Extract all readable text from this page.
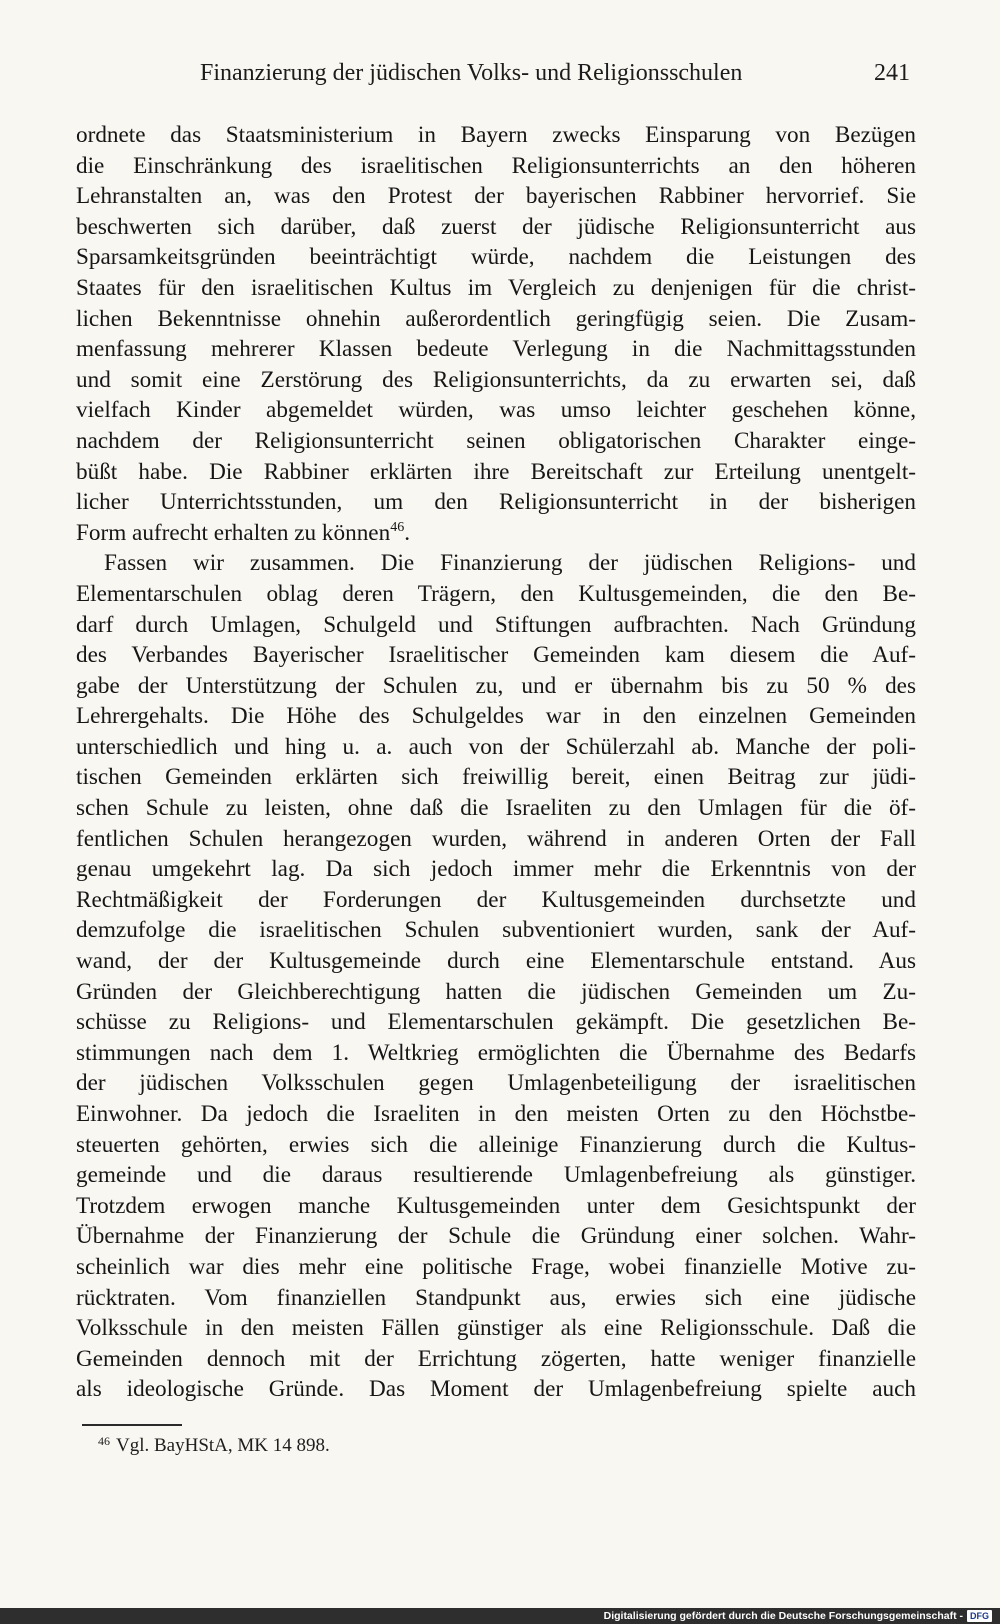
Finanzierung der jüdischen Volks- und Religionsschulen	241
ordnete das Staatsministerium in Bayern zwecks Einsparung von Bezügen
die Einschränkung des israelitischen Religionsunterrichts an den höheren
Lehranstalten an, was den Protest der bayerischen Rabbiner hervorrief. Sie
beschwerten sich darüber, daß zuerst der jüdische Religionsunterricht aus
Sparsamkeitsgründen beeinträchtigt würde, nachdem die Leistungen des
Staates für den israelitischen Kultus im Vergleich zu denjenigen für die christ-
lichen Bekenntnisse ohnehin außerordentlich geringfügig seien. Die Zusam-
menfassung mehrerer Klassen bedeute Verlegung in die Nachmittagsstunden
und somit eine Zerstörung des Religionsunterrichts, da zu erwarten sei, daß
vielfach Kinder abgemeldet würden, was umso leichter geschehen könne,
nachdem der Religionsunterricht seinen obligatorischen Charakter einge-
büßt habe. Die Rabbiner erklärten ihre Bereitschaft zur Erteilung unentgelt-
licher Unterrichtsstunden, um den Religionsunterricht in der bisherigen
Form aufrecht erhalten zu können$^{46}$.
Fassen wir zusammen. Die Finanzierung der jüdischen Religions- und
Elementarschulen oblag deren Trägern, den Kultusgemeinden, die den Be-
darf durch Umlagen, Schulgeld und Stiftungen aufbrachten. Nach Gründung
des Verbandes Bayerischer Israelitischer Gemeinden kam diesem die Auf-
gabe der Unterstützung der Schulen zu, und er übernahm bis zu 50 % des
Lehrergehalts. Die Höhe des Schulgeldes war in den einzelnen Gemeinden
unterschiedlich und hing u. a. auch von der Schülerzahl ab. Manche der poli-
tischen Gemeinden erklärten sich freiwillig bereit, einen Beitrag zur jüdi-
schen Schule zu leisten, ohne daß die Israeliten zu den Umlagen für die öf-
fentlichen Schulen herangezogen wurden, während in anderen Orten der Fall
genau umgekehrt lag. Da sich jedoch immer mehr die Erkenntnis von der
Rechtmäßigkeit der Forderungen der Kultusgemeinden durchsetzte und
demzufolge die israelitischen Schulen subventioniert wurden, sank der Auf-
wand, der der Kultusgemeinde durch eine Elementarschule entstand. Aus
Gründen der Gleichberechtigung hatten die jüdischen Gemeinden um Zu-
schüsse zu Religions- und Elementarschulen gekämpft. Die gesetzlichen Be-
stimmungen nach dem 1. Weltkrieg ermöglichten die Übernahme des Bedarfs
der jüdischen Volksschulen gegen Umlagenbeteiligung der israelitischen
Einwohner. Da jedoch die Israeliten in den meisten Orten zu den Höchstbe-
steuerten gehörten, erwies sich die alleinige Finanzierung durch die Kultus-
gemeinde und die daraus resultierende Umlagenbefreiung als günstiger.
Trotzdem erwogen manche Kultusgemeinden unter dem Gesichtspunkt der
Übernahme der Finanzierung der Schule die Gründung einer solchen. Wahr-
scheinlich war dies mehr eine politische Frage, wobei finanzielle Motive zu-
rücktraten. Vom finanziellen Standpunkt aus, erwies sich eine jüdische
Volksschule in den meisten Fällen günstiger als eine Religionsschule. Daß die
Gemeinden dennoch mit der Errichtung zögerten, hatte weniger finanzielle
als ideologische Gründe. Das Moment der Umlagenbefreiung spielte auch
$^{46}$ Vgl. BayHStA, MK 14 898.
Digitalisierung gefördert durch die Deutsche Forschungsgemeinschaft - DFG
